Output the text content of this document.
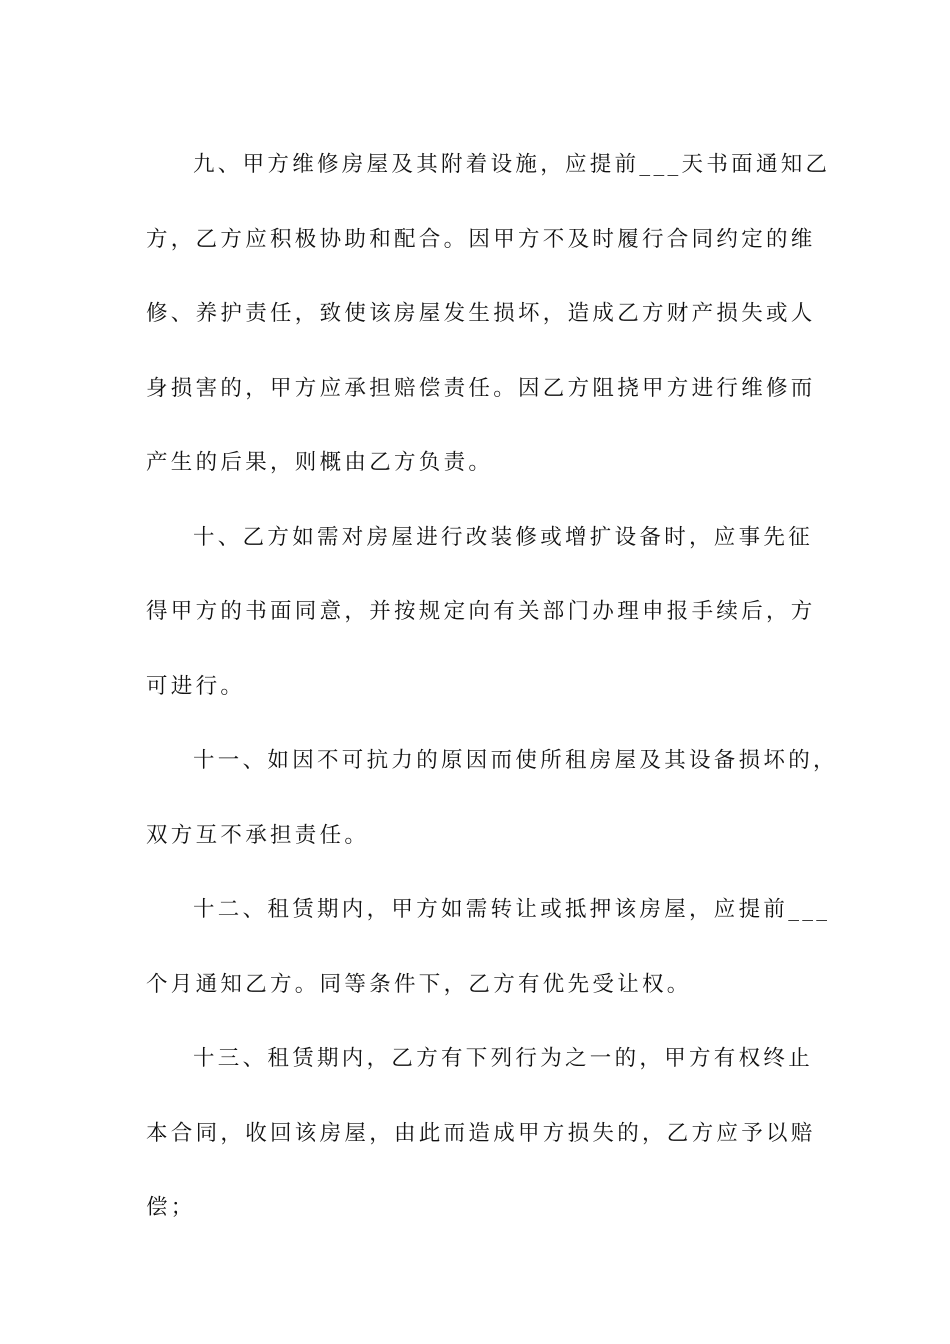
九、甲方维修房屋及其附着设施，应提前___天书面通知乙
方，乙方应积极协助和配合。因甲方不及时履行合同约定的维
修、养护责任，致使该房屋发生损坏，造成乙方财产损失或人
身损害的，甲方应承担赔偿责任。因乙方阻挠甲方进行维修而
产生的后果，则概由乙方负责。
十、乙方如需对房屋进行改装修或增扩设备时，应事先征
得甲方的书面同意，并按规定向有关部门办理申报手续后，方
可进行。
十一、如因不可抗力的原因而使所租房屋及其设备损坏的，
双方互不承担责任。
十二、租赁期内，甲方如需转让或抵押该房屋，应提前___
个月通知乙方。同等条件下，乙方有优先受让权。
十三、租赁期内，乙方有下列行为之一的，甲方有权终止
本合同，收回该房屋，由此而造成甲方损失的，乙方应予以赔
偿；
